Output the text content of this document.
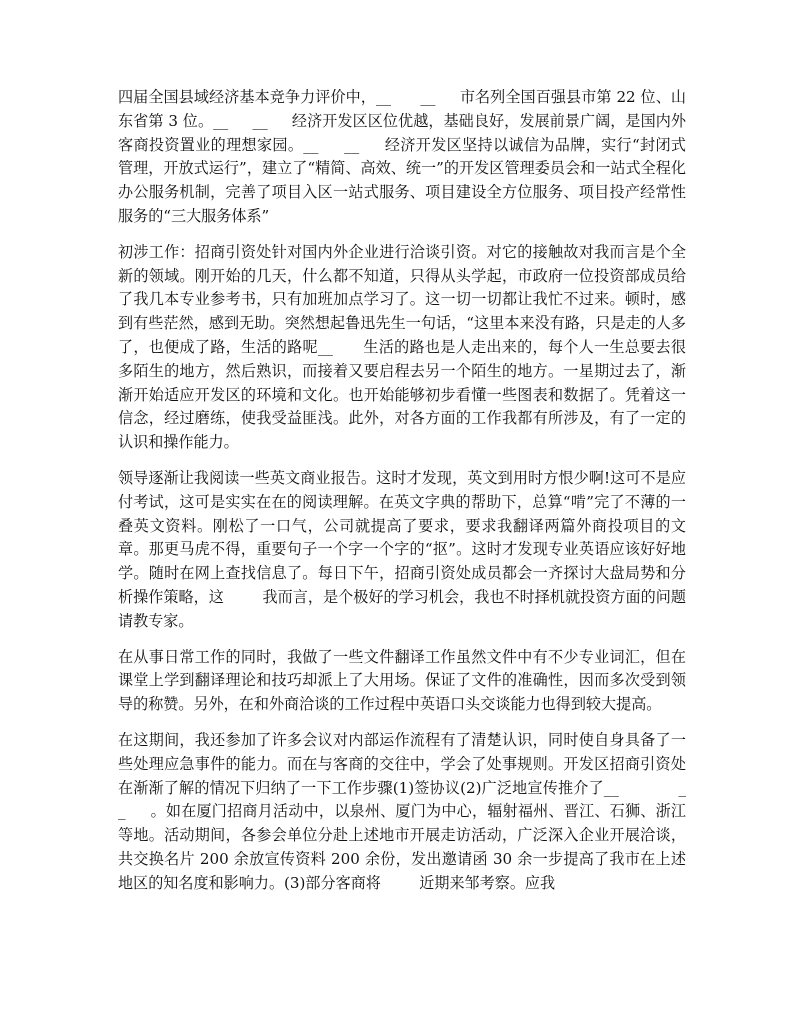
四届全国县域经济基本竞争力评价中，__      __     市名列全国百强县市第 22 位、山东省第 3 位。__     __     经济开发区区位优越，基础良好，发展前景广阔，是国内外客商投资置业的理想家园。__     __     经济开发区坚持以诚信为品牌，实行“封闭式管理，开放式运行”，建立了“精简、高效、统一”的开发区管理委员会和一站式全程化办公服务机制，完善了项目入区一站式服务、项目建设全方位服务、项目投产经常性服务的“三大服务体系”

初涉工作：招商引资处针对国内外企业进行洽谈引资。对它的接触故对我而言是个全新的领域。刚开始的几天，什么都不知道，只得从头学起，市政府一位投资部成员给了我几本专业参考书，只有加班加点学习了。这一切一切都让我忙不过来。顿时，感到有些茫然，感到无助。突然想起鲁迅先生一句话，“这里本来没有路，只是走的人多了，也便成了路，生活的路呢__      生活的路也是人走出来的，每个人一生总要去很多陌生的地方，然后熟识，而接着又要启程去另一个陌生的地方。一星期过去了，渐渐开始适应开发区的环境和文化。也开始能够初步看懂一些图表和数据了。凭着这一信念，经过磨练，使我受益匪浅。此外，对各方面的工作我都有所涉及，有了一定的认识和操作能力。

领导逐渐让我阅读一些英文商业报告。这时才发现，英文到用时方恨少啊!这可不是应付考试，这可是实实在在的阅读理解。在英文字典的帮助下，总算“啃”完了不薄的一叠英文资料。刚松了一口气，公司就提高了要求，要求我翻译两篇外商投项目的文章。那更马虎不得，重要句子一个字一个字的“抠”。这时才发现专业英语应该好好地学。随时在网上查找信息了。每日下午，招商引资处成员都会一齐探讨大盘局势和分析操作策略，这        我而言，是个极好的学习机会，我也不时择机就投资方面的问题请教专家。

在从事日常工作的同时，我做了一些文件翻译工作虽然文件中有不少专业词汇，但在课堂上学到翻译理论和技巧却派上了大用场。保证了文件的准确性，因而多次受到领导的称赞。另外，在和外商洽谈的工作过程中英语口头交谈能力也得到较大提高。

在这期间，我还参加了许多会议对内部运作流程有了清楚认识，同时使自身具备了一些处理应急事件的能力。而在与客商的交往中，学会了处事规则。开发区招商引资处在渐渐了解的情况下归纳了一下工作步骤(1)签协议(2)广泛地宣传推介了__            __     。如在厦门招商月活动中，以泉州、厦门为中心，辐射福州、晋江、石狮、浙江等地。活动期间，各参会单位分赴上述地市开展走访活动，广泛深入企业开展洽谈，共交换名片 200 余放宣传资料 200 余份，发出邀请函 30 余一步提高了我市在上述地区的知名度和影响力。(3)部分客商将        近期来邹考察。应我
